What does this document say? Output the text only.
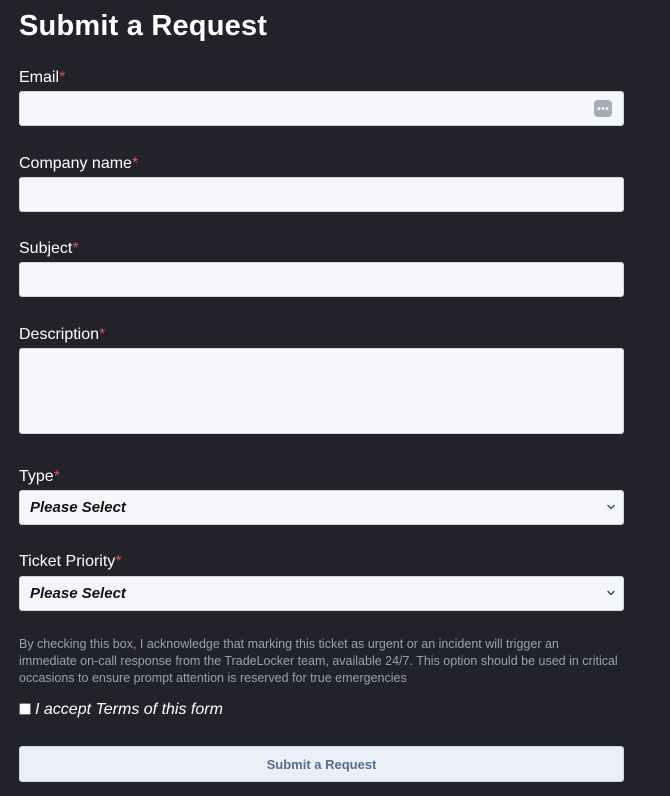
Submit a Request
Email*
Company name*
Subject*
Description*
Type*
Please Select
Ticket Priority*
Please Select

By checking this box, I acknowledge that marking this ticket as urgent or an incident will trigger an immediate on-call response from the TradeLocker team, available 24/7. This option should be used in critical occasions to ensure prompt attention is reserved for true emergencies

I accept Terms of this form
Submit a Request
